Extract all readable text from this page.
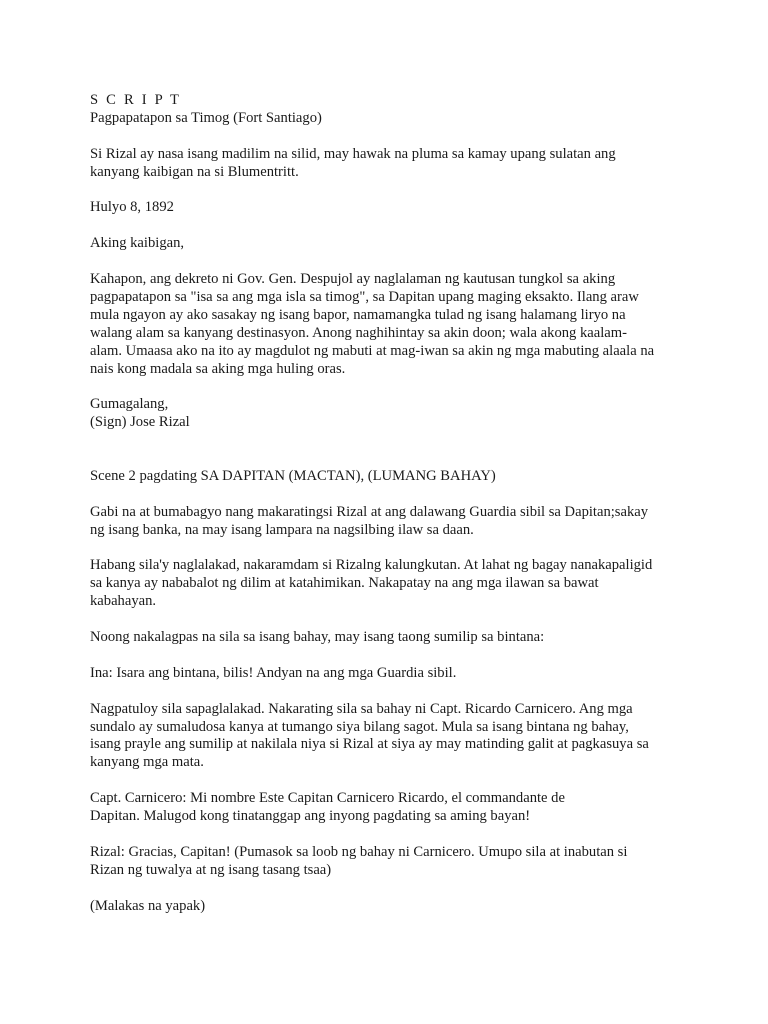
S C R I P T
Pagpapatapon sa Timog (Fort Santiago)
Si Rizal ay nasa isang madilim na silid, may hawak na pluma sa kamay upang sulatan ang
kanyang kaibigan na si Blumentritt.
Hulyo 8, 1892
Aking kaibigan,
Kahapon, ang dekreto ni Gov. Gen. Despujol ay naglalaman ng kautusan tungkol sa aking
pagpapatapon sa "isa sa ang mga isla sa timog", sa Dapitan upang maging eksakto. Ilang araw
mula ngayon ay ako sasakay ng isang bapor, namamangka tulad ng isang halamang liryo na
walang alam sa kanyang destinasyon. Anong naghihintay sa akin doon; wala akong kaalam-
alam. Umaasa ako na ito ay magdulot ng mabuti at mag-iwan sa akin ng mga mabuting alaala na
nais kong madala sa aking mga huling oras.
Gumagalang,
(Sign) Jose Rizal
Scene 2 pagdating SA DAPITAN (MACTAN), (LUMANG BAHAY)
Gabi na at bumabagyo nang makaratingsi Rizal at ang dalawang Guardia sibil sa Dapitan;sakay
ng isang banka, na may isang lampara na nagsilbing ilaw sa daan.
Habang sila'y naglalakad, nakaramdam si Rizalng kalungkutan. At lahat ng bagay nanakapaligid
sa kanya ay nababalot ng dilim at katahimikan. Nakapatay na ang mga ilawan sa bawat
kabahayan.
Noong nakalagpas na sila sa isang bahay, may isang taong sumilip sa bintana:
Ina: Isara ang bintana, bilis! Andyan na ang mga Guardia sibil.
Nagpatuloy sila sapaglalakad. Nakarating sila sa bahay ni Capt. Ricardo Carnicero. Ang mga
sundalo ay sumaludosa kanya at tumango siya bilang sagot. Mula sa isang bintana ng bahay,
isang prayle ang sumilip at nakilala niya si Rizal at siya ay may matinding galit at pagkasuya sa
kanyang mga mata.
Capt. Carnicero: Mi nombre Este Capitan Carnicero Ricardo, el commandante de
Dapitan. Malugod kong tinatanggap ang inyong pagdating sa aming bayan!
Rizal: Gracias, Capitan! (Pumasok sa loob ng bahay ni Carnicero. Umupo sila at inabutan si
Rizan ng tuwalya at ng isang tasang tsaa)
(Malakas na yapak)
